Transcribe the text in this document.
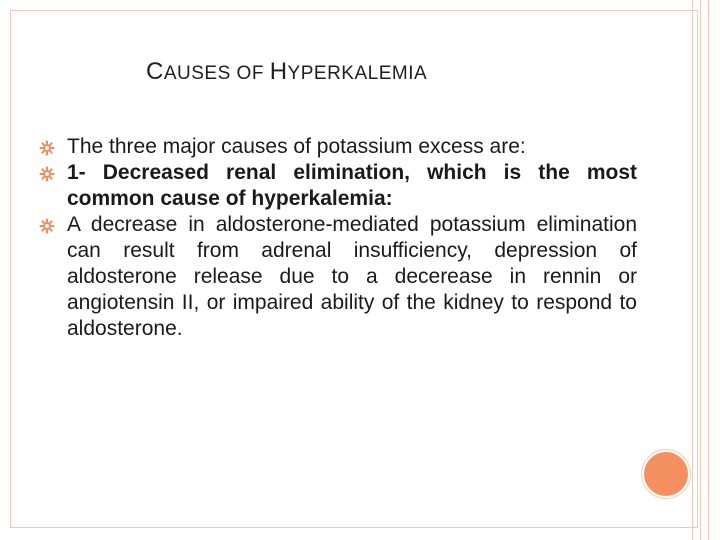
CAUSES OF HYPERKALEMIA
The three major causes of potassium excess are:
1- Decreased renal elimination, which is the most common cause of hyperkalemia:
A decrease in aldosterone-mediated potassium elimination can result from adrenal insufficiency, depression of aldosterone release due to a decerease in rennin or angiotensin II, or impaired ability of the kidney to respond to aldosterone.
